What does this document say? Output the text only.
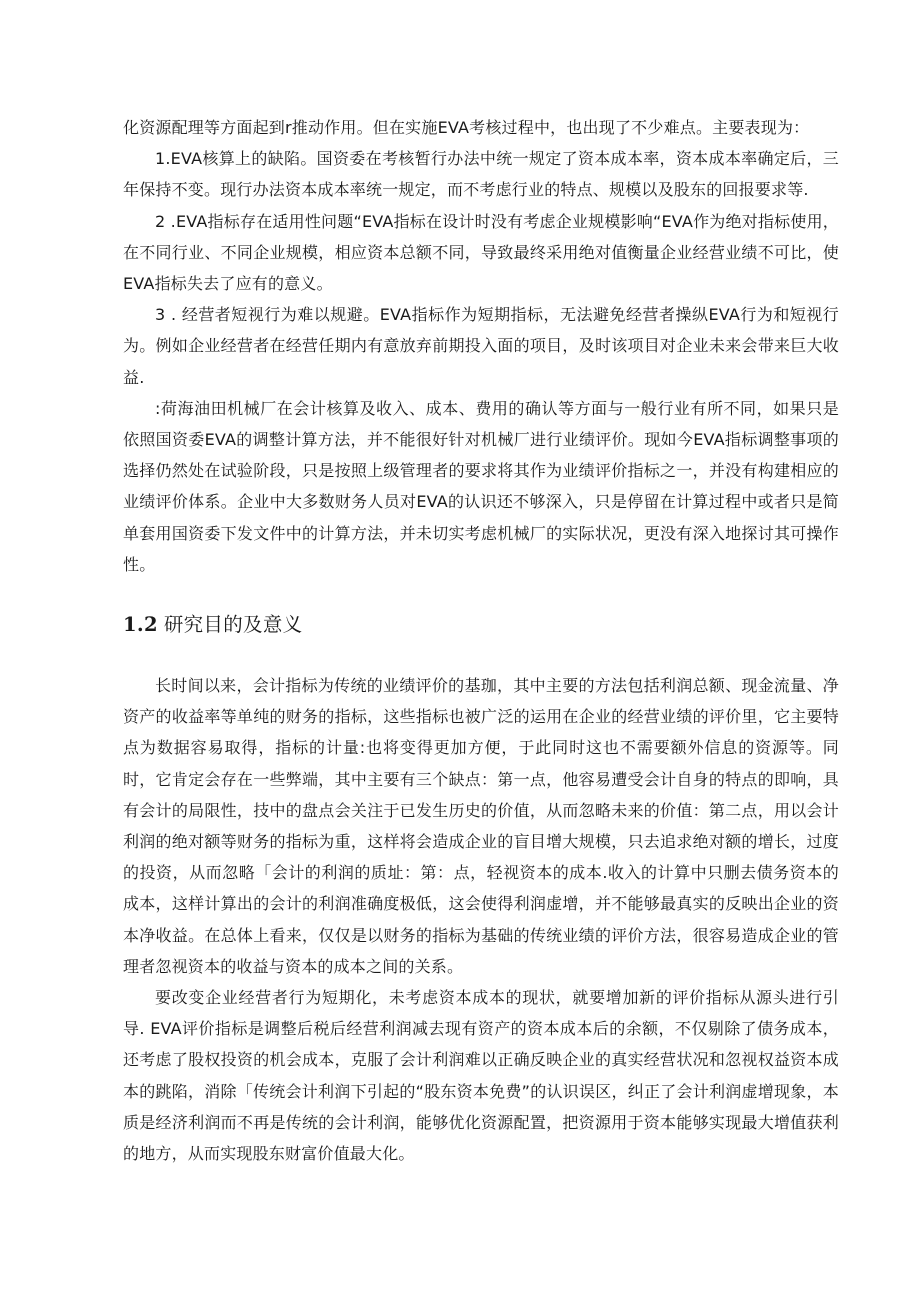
化资源配理等方面起到r推动作用。但在实施EVA考核过程中，也出现了不少难点。主要表现为：

1.EVA核算上的缺陷。国资委在考核暂行办法中统一规定了资本成本率，资本成本率确定后，三年保持不变。现行办法资本成本率统一规定，而不考虑行业的特点、规模以及股东的回报要求等.

2 .EVA指标存在适用性问题“EVA指标在设计时没有考虑企业规模影响“EVA作为绝对指标使用，在不同行业、不同企业规模，相应资本总额不同，导致最终采用绝对值衡量企业经营业绩不可比，使EVA指标失去了应有的意义。

3 . 经营者短视行为难以规避。EVA指标作为短期指标，无法避免经营者操纵EVA行为和短视行为。例如企业经营者在经营任期内有意放弃前期投入面的项目，及时该项目对企业未来会带来巨大收益.

:荷海油田机械厂在会计核算及收入、成本、费用的确认等方面与一般行业有所不同，如果只是依照国资委EVA的调整计算方法，并不能很好针对机械厂进行业绩评价。现如今EVA指标调整事项的选择仍然处在试验阶段，只是按照上级管理者的要求将其作为业绩评价指标之一，并没有构建相应的业绩评价体系。企业中大多数财务人员对EVA的认识还不够深入，只是停留在计算过程中或者只是简单套用国资委下发文件中的计算方法，并未切实考虑机械厂的实际状况，更没有深入地探讨其可操作性。

1.2 研究目的及意义

长时间以来，会计指标为传统的业绩评价的基珈，其中主要的方法包括利润总额、现金流量、净资产的收益率等单纯的财务的指标，这些指标也被广泛的运用在企业的经营业绩的评价里，它主要特点为数据容易取得，指标的计量:也将变得更加方便，于此同时这也不需要额外信息的资源等。同时，它肯定会存在一些弊端，其中主要有三个缺点：第一点，他容易遭受会计自身的特点的即响，具有会计的局限性，技中的盘点会关注于已发生历史的价值，从而忽略未来的价值：第二点，用以会计利润的绝对额等财务的指标为重，这样将会造成企业的盲目增大规模，只去追求绝对额的增长，过度的投资，从而忽略「会计的利润的质址：第：点，轻视资本的成本.收入的计算中只删去债务资本的成本，这样计算出的会计的利润准确度极低，这会使得利润虚增，并不能够最真实的反映出企业的资本净收益。在总体上看来，仅仅是以财务的指标为基础的传统业绩的评价方法，很容易造成企业的管理者忽视资本的收益与资本的成本之间的关系。

要改变企业经营者行为短期化，未考虑资本成本的现状，就要增加新的评价指标从源头进行引导. EVA评价指标是调整后税后经营利润减去现有资产的资本成本后的余额，不仅剔除了债务成本，还考虑了股权投资的机会成本，克服了会计利润难以正确反映企业的真实经营状况和忽视权益资本成本的跳陷，消除「传统会计利润下引起的“股东资本免费”的认识误区，纠正了会计利润虚增现象，本质是经济利润而不再是传统的会计利润，能够优化资源配置，把资源用于资本能够实现最大增值获利的地方，从而实现股东财富价值最大化。
